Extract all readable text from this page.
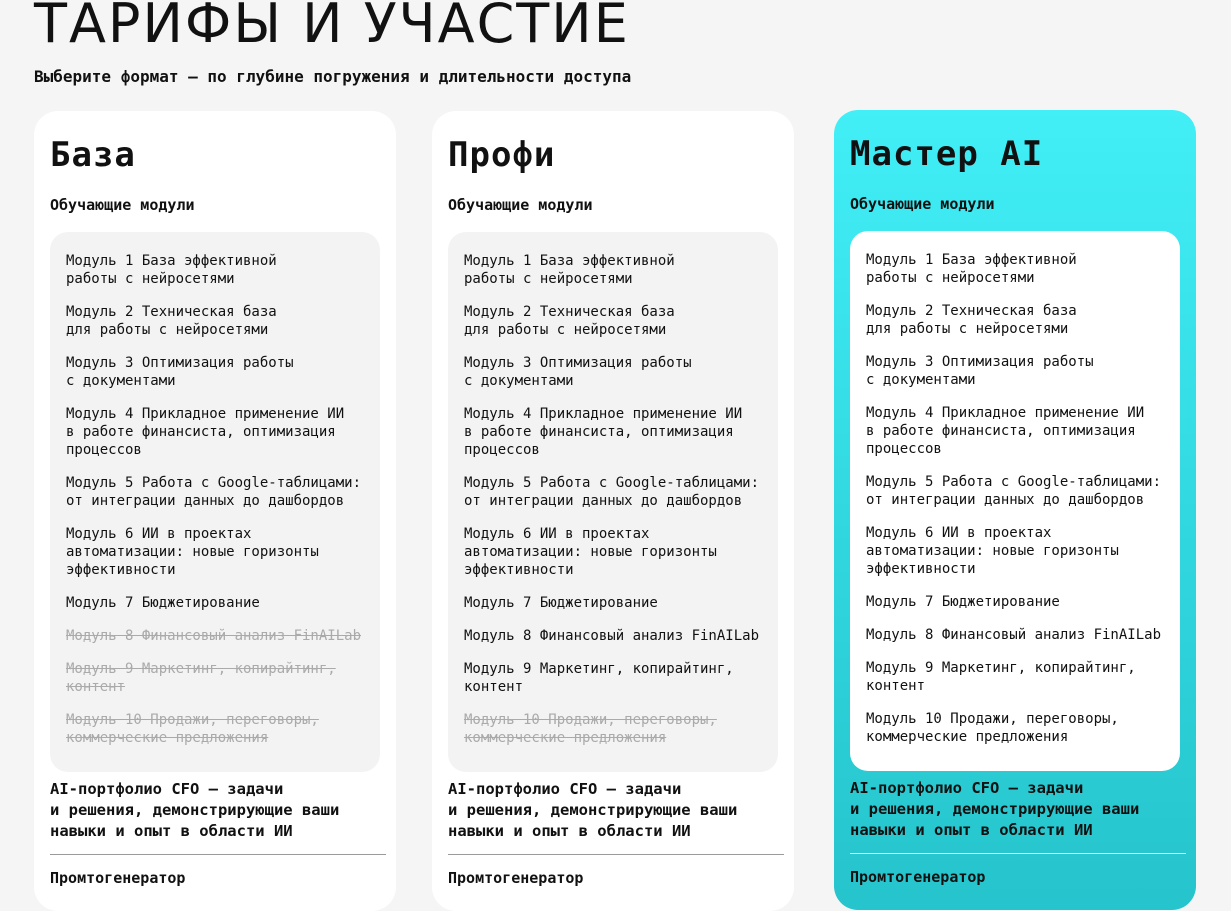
ТАРИФЫ И УЧАСТИЕ

Выберите формат — по глубине погружения и длительности доступа

База
Обучающие модули
Модуль 1 База эффективной
работы с нейросетями
Модуль 2 Техническая база
для работы с нейросетями
Модуль 3 Оптимизация работы
с документами
Модуль 4 Прикладное применение ИИ
в работе финансиста, оптимизация
процессов
Модуль 5 Работа с Google-таблицами:
от интеграции данных до дашбордов
Модуль 6 ИИ в проектах
автоматизации: новые горизонты
эффективности
Модуль 7 Бюджетирование
Модуль 8 Финансовый анализ FinAILab
Модуль 9 Маркетинг, копирайтинг,
контент
Модуль 10 Продажи, переговоры,
коммерческие предложения
AI-портфолио CFO — задачи
и решения, демонстрирующие ваши
навыки и опыт в области ИИ
Промтогенератор
Профи
Обучающие модули
Модуль 1 База эффективной
работы с нейросетями
Модуль 2 Техническая база
для работы с нейросетями
Модуль 3 Оптимизация работы
с документами
Модуль 4 Прикладное применение ИИ
в работе финансиста, оптимизация
процессов
Модуль 5 Работа с Google-таблицами:
от интеграции данных до дашбордов
Модуль 6 ИИ в проектах
автоматизации: новые горизонты
эффективности
Модуль 7 Бюджетирование
Модуль 8 Финансовый анализ FinAILab
Модуль 9 Маркетинг, копирайтинг,
контент
Модуль 10 Продажи, переговоры,
коммерческие предложения
AI-портфолио CFO — задачи
и решения, демонстрирующие ваши
навыки и опыт в области ИИ
Промтогенератор
Мастер AI
Обучающие модули
Модуль 1 База эффективной
работы с нейросетями
Модуль 2 Техническая база
для работы с нейросетями
Модуль 3 Оптимизация работы
с документами
Модуль 4 Прикладное применение ИИ
в работе финансиста, оптимизация
процессов
Модуль 5 Работа с Google-таблицами:
от интеграции данных до дашбордов
Модуль 6 ИИ в проектах
автоматизации: новые горизонты
эффективности
Модуль 7 Бюджетирование
Модуль 8 Финансовый анализ FinAILab
Модуль 9 Маркетинг, копирайтинг,
контент
Модуль 10 Продажи, переговоры,
коммерческие предложения
AI-портфолио CFO — задачи
и решения, демонстрирующие ваши
навыки и опыт в области ИИ
Промтогенератор
